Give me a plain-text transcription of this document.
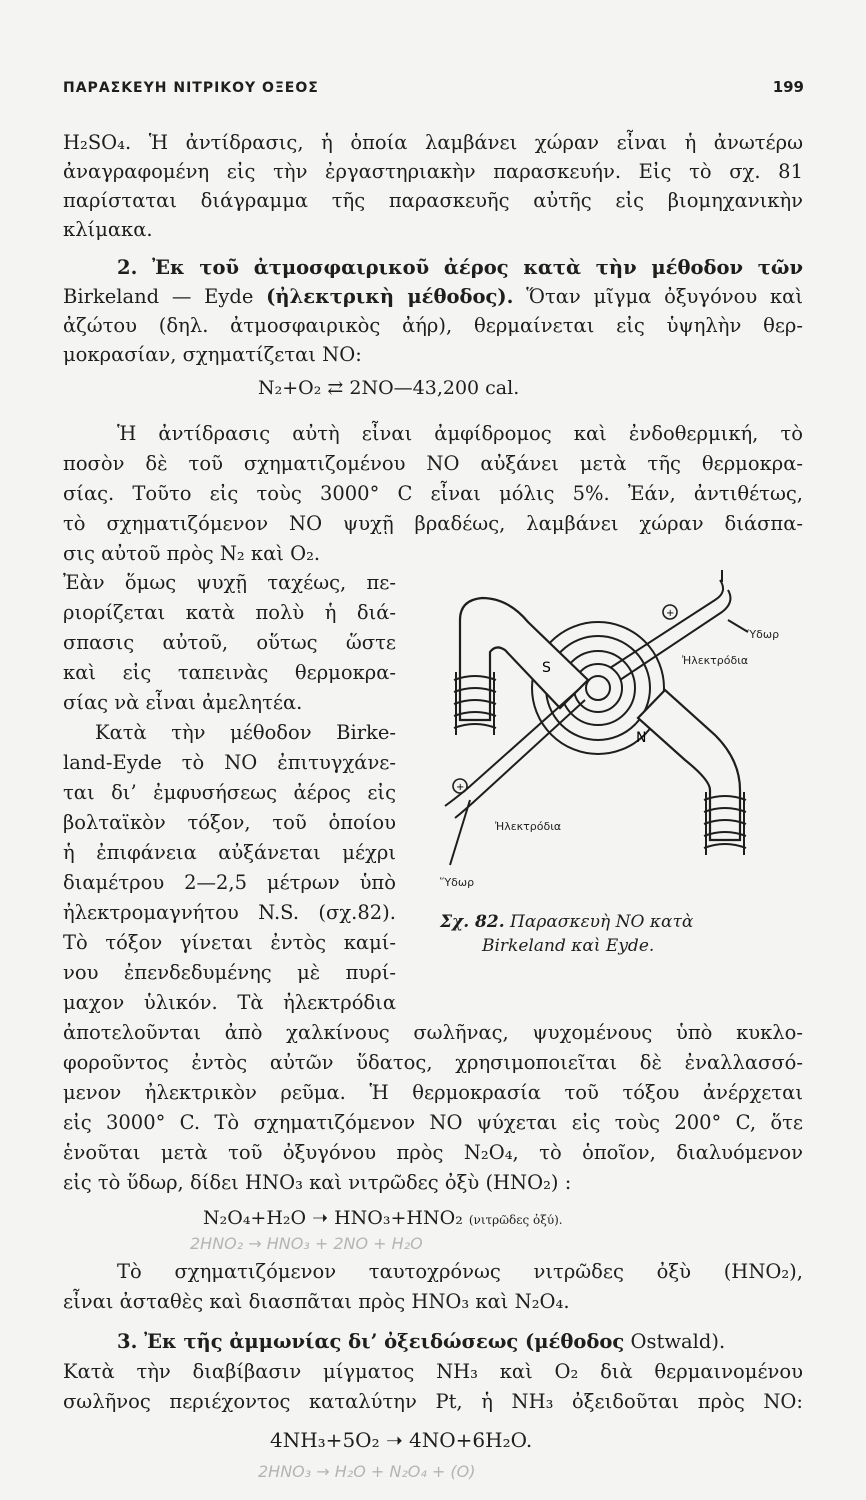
ΠΑΡΑΣΚΕΥΗ ΝΙΤΡΙΚΟΥ ΟΞΕΟΣ	199
H₂SO₄. Ἡ ἀντίδρασις, ἡ ὁποία λαμβάνει χώραν εἶναι ἡ ἀνωτέρω
ἀναγραφομένη εἰς τὴν ἐργαστηριακὴν παρασκευήν. Εἰς τὸ σχ. 81
παρίσταται διάγραμμα τῆς παρασκευῆς αὐτῆς εἰς βιομηχανικὴν
κλίμακα.
2. Ἐκ τοῦ ἀτμοσφαιρικοῦ ἀέρος κατὰ τὴν μέθοδον τῶν
Birkeland — Eyde (ἠλεκτρικὴ μέθοδος). Ὅταν μῖγμα ὀξυγόνου καὶ
ἀζώτου (δηλ. ἀτμοσφαιρικὸς ἀήρ), θερμαίνεται εἰς ὑψηλὴν θερ-
μοκρασίαν, σχηματίζεται NO:
N₂+O₂ ⇄ 2NO—43,200 cal.
Ἡ ἀντίδρασις αὐτὴ εἶναι ἀμφίδρομος καὶ ἐνδοθερμική, τὸ
ποσὸν δὲ τοῦ σχηματιζομένου NO αὐξάνει μετὰ τῆς θερμοκρα-
σίας. Τοῦτο εἰς τοὺς 3000° C εἶναι μόλις 5%. Ἐάν, ἀντιθέτως,
τὸ σχηματιζόμενον NO ψυχῇ βραδέως, λαμβάνει χώραν διάσπα-
σις αὐτοῦ πρὸς N₂ καὶ O₂.
Ἐὰν ὅμως ψυχῇ ταχέως, πε-
ριορίζεται κατὰ πολὺ ἡ διά-
σπασις αὐτοῦ, οὕτως ὥστε
καὶ εἰς ταπεινὰς θερμοκρα-
σίας νὰ εἶναι ἀμελητέα.
Κατὰ τὴν μέθοδον Birke-
land-Eyde τὸ NO ἐπιτυγχάνε-
ται δι’ ἐμφυσήσεως ἀέρος εἰς
βολταϊκὸν τόξον, τοῦ ὁποίου
ἡ ἐπιφάνεια αὐξάνεται μέχρι
διαμέτρου 2—2,5 μέτρων ὑπὸ
ἠλεκτρομαγνήτου N.S. (σχ.82).
Τὸ τόξον γίνεται ἐντὸς καμί-
νου ἐπενδεδυμένης μὲ πυρί-
μαχον ὑλικόν. Τὰ ἠλεκτρόδια
ἀποτελοῦνται ἀπὸ χαλκίνους σωλῆνας, ψυχομένους ὑπὸ κυκλο-
φοροῦντος ἐντὸς αὐτῶν ὕδατος, χρησιμοποιεῖται δὲ ἐναλλασσό-
μενον ἠλεκτρικὸν ρεῦμα. Ἡ θερμοκρασία τοῦ τόξου ἀνέρχεται
εἰς 3000° C. Τὸ σχηματιζόμενον NO ψύχεται εἰς τοὺς 200° C, ὅτε
ἑνοῦται μετὰ τοῦ ὀξυγόνου πρὸς N₂O₄, τὸ ὁποῖον, διαλυόμενον
εἰς τὸ ὕδωρ, δίδει HNO₃ καὶ νιτρῶδες ὀξὺ (HNO₂) :
N₂O₄+H₂O ➝ HNO₃+HNO₂ (νιτρῶδες ὀξύ).
2HNO₂ → HNO₃ + 2NO + H₂O
Τὸ σχηματιζόμενον ταυτοχρόνως νιτρῶδες ὀξὺ (HNO₂),
εἶναι ἀσταθὲς καὶ διασπᾶται πρὸς HNO₃ καὶ N₂O₄.
3. Ἐκ τῆς ἀμμωνίας δι’ ὀξειδώσεως (μέθοδος Ostwald).
Κατὰ τὴν διαβίβασιν μίγματος NH₃ καὶ O₂ διὰ θερμαινομένου
σωλῆνος περιέχοντος καταλύτην Pt, ἡ NH₃ ὀξειδοῦται πρὸς NO:
4NH₃+5O₂ ➝ 4NO+6H₂O.
2HNO₃ → H₂O + N₂O₄ + (O)
+
+
S
N
Ὕδωρ
Ἠλεκτρόδια
Ἠλεκτρόδια
Ὕδωρ
Σχ. 82. Παρασκευὴ NO κατὰ
Birkeland καὶ Eyde.
